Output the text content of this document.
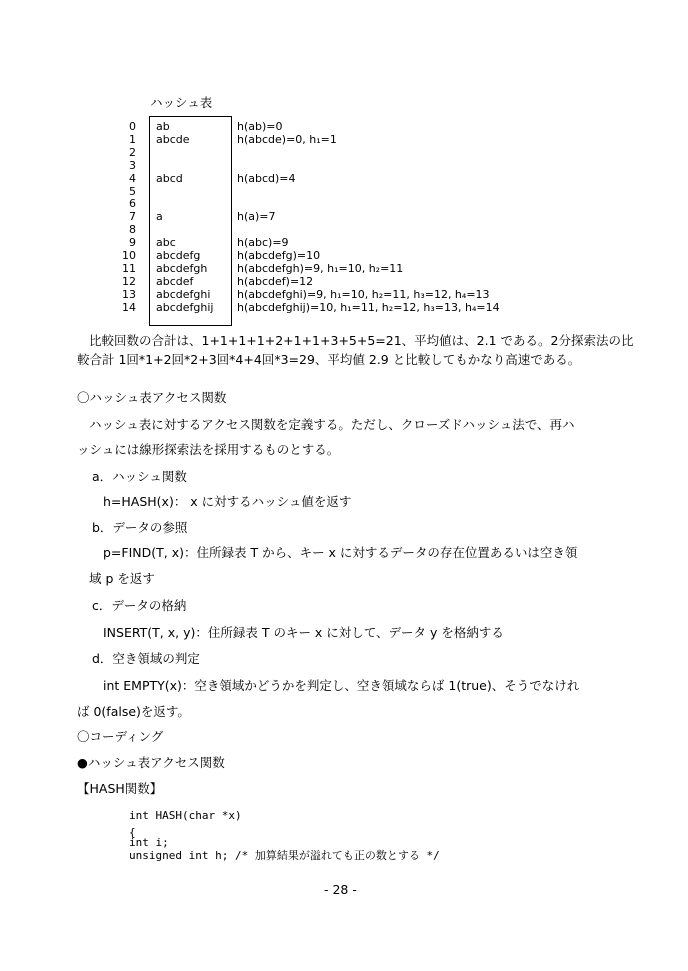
ハッシュ表
0 ab	h(ab)=0
1 abcde	h(abcde)=0, h₁=1
2
3
4 abcd	h(abcd)=4
5
6
7 a	h(a)=7
8
9 abc	h(abc)=9
10 abcdefg	h(abcdefg)=10
11 abcdefgh	h(abcdefgh)=9, h₁=10, h₂=11
12 abcdef	h(abcdef)=12
13 abcdefghi h(abcdefghi)=9, h₁=10, h₂=11, h₃=12, h₄=13
14 abcdefghij h(abcdefghij)=10, h₁=11, h₂=12, h₃=13, h₄=14
比較回数の合計は、1+1+1+1+2+1+1+3+5+5=21、平均値は、2.1 である。2分探索法の比
較合計 1回*1+2回*2+3回*4+4回*3=29、平均値 2.9 と比較してもかなり高速である。
〇ハッシュ表アクセス関数
ハッシュ表に対するアクセス関数を定義する。ただし、クローズドハッシュ法で、再ハ
ッシュには線形探索法を採用するものとする。
a．ハッシュ関数
h=HASH(x)： x に対するハッシュ値を返す
b．データの参照
p=FIND(T, x)：住所録表 T から、キー x に対するデータの存在位置あるいは空き領
域 p を返す
c．データの格納
INSERT(T, x, y)：住所録表 T のキー x に対して、データ y を格納する
d．空き領域の判定
int EMPTY(x)：空き領域かどうかを判定し、空き領域ならば 1(true)、そうでなけれ
ば 0(false)を返す。
〇コーディング
●ハッシュ表アクセス関数
【HASH関数】
int HASH(char *x)
{
int i;
unsigned int h; /* 加算結果が溢れても正の数とする */
- 28 -
